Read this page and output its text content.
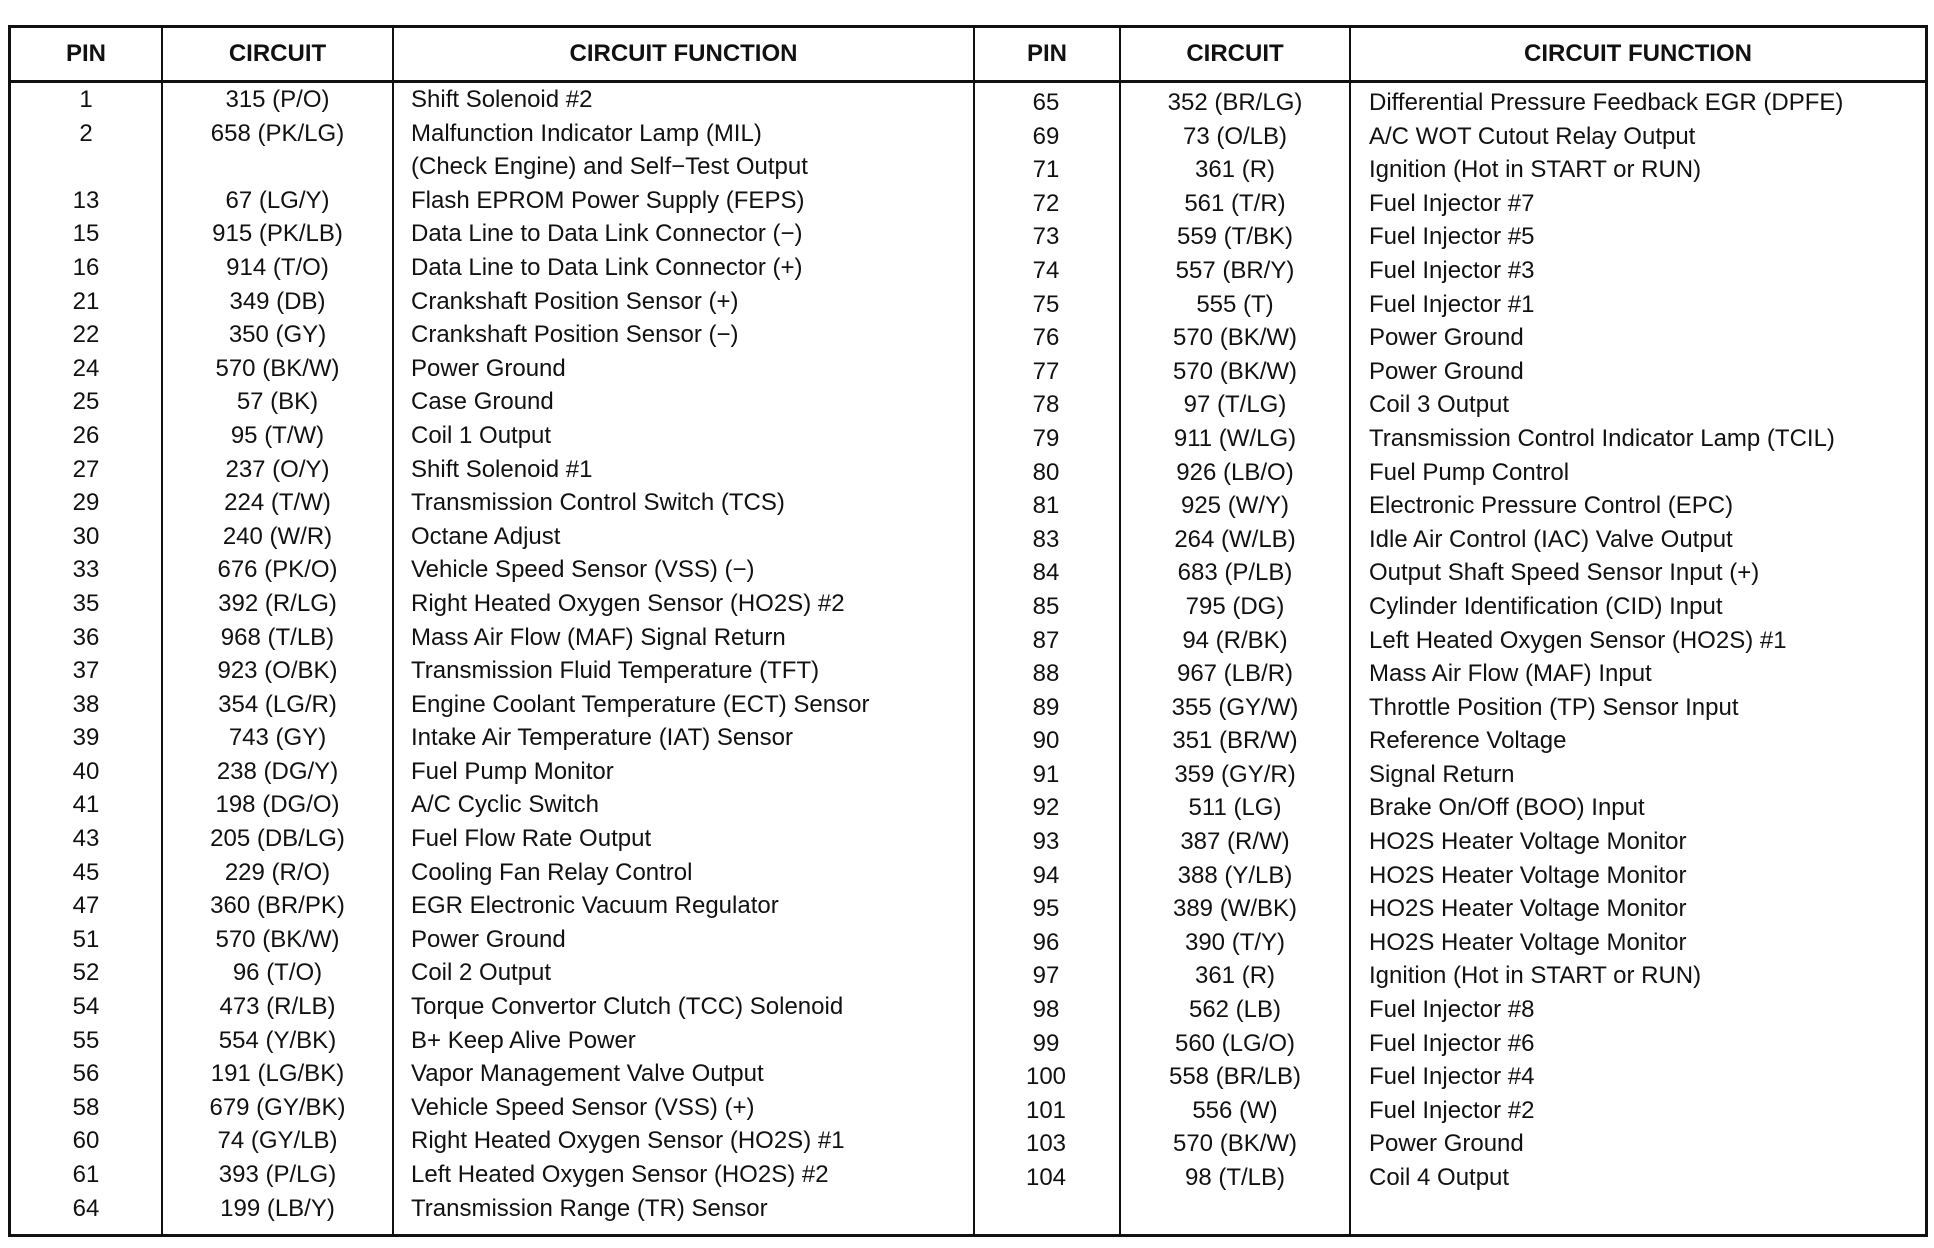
PIN	CIRCUIT	CIRCUIT FUNCTION	PIN	CIRCUIT	CIRCUIT FUNCTION
1	315 (P/O)	Shift Solenoid #2
2	658 (PK/LG)	Malfunction Indicator Lamp (MIL)
(Check Engine) and Self−Test Output
13	67 (LG/Y)	Flash EPROM Power Supply (FEPS)
15	915 (PK/LB)	Data Line to Data Link Connector (−)
16	914 (T/O)	Data Line to Data Link Connector (+)
21	349 (DB)	Crankshaft Position Sensor (+)
22	350 (GY)	Crankshaft Position Sensor (−)
24	570 (BK/W)	Power Ground
25	57 (BK)	Case Ground
26	95 (T/W)	Coil 1 Output
27	237 (O/Y)	Shift Solenoid #1
29	224 (T/W)	Transmission Control Switch (TCS)
30	240 (W/R)	Octane Adjust
33	676 (PK/O)	Vehicle Speed Sensor (VSS) (−)
35	392 (R/LG)	Right Heated Oxygen Sensor (HO2S) #2
36	968 (T/LB)	Mass Air Flow (MAF) Signal Return
37	923 (O/BK)	Transmission Fluid Temperature (TFT)
38	354 (LG/R)	Engine Coolant Temperature (ECT) Sensor
39	743 (GY)	Intake Air Temperature (IAT) Sensor
40	238 (DG/Y)	Fuel Pump Monitor
41	198 (DG/O)	A/C Cyclic Switch
43	205 (DB/LG)	Fuel Flow Rate Output
45	229 (R/O)	Cooling Fan Relay Control
47	360 (BR/PK)	EGR Electronic Vacuum Regulator
51	570 (BK/W)	Power Ground
52	96 (T/O)	Coil 2 Output
54	473 (R/LB)	Torque Convertor Clutch (TCC) Solenoid
55	554 (Y/BK)	B+ Keep Alive Power
56	191 (LG/BK)	Vapor Management Valve Output
58	679 (GY/BK)	Vehicle Speed Sensor (VSS) (+)
60	74 (GY/LB)	Right Heated Oxygen Sensor (HO2S) #1
61	393 (P/LG)	Left Heated Oxygen Sensor (HO2S) #2
64	199 (LB/Y)	Transmission Range (TR) Sensor
65	352 (BR/LG)	Differential Pressure Feedback EGR (DPFE)
69	73 (O/LB)	A/C WOT Cutout Relay Output
71	361 (R)	Ignition (Hot in START or RUN)
72	561 (T/R)	Fuel Injector #7
73	559 (T/BK)	Fuel Injector #5
74	557 (BR/Y)	Fuel Injector #3
75	555 (T)	Fuel Injector #1
76	570 (BK/W)	Power Ground
77	570 (BK/W)	Power Ground
78	97 (T/LG)	Coil 3 Output
79	911 (W/LG)	Transmission Control Indicator Lamp (TCIL)
80	926 (LB/O)	Fuel Pump Control
81	925 (W/Y)	Electronic Pressure Control (EPC)
83	264 (W/LB)	Idle Air Control (IAC) Valve Output
84	683 (P/LB)	Output Shaft Speed Sensor Input (+)
85	795 (DG)	Cylinder Identification (CID) Input
87	94 (R/BK)	Left Heated Oxygen Sensor (HO2S) #1
88	967 (LB/R)	Mass Air Flow (MAF) Input
89	355 (GY/W)	Throttle Position (TP) Sensor Input
90	351 (BR/W)	Reference Voltage
91	359 (GY/R)	Signal Return
92	511 (LG)	Brake On/Off (BOO) Input
93	387 (R/W)	HO2S Heater Voltage Monitor
94	388 (Y/LB)	HO2S Heater Voltage Monitor
95	389 (W/BK)	HO2S Heater Voltage Monitor
96	390 (T/Y)	HO2S Heater Voltage Monitor
97	361 (R)	Ignition (Hot in START or RUN)
98	562 (LB)	Fuel Injector #8
99	560 (LG/O)	Fuel Injector #6
100	558 (BR/LB)	Fuel Injector #4
101	556 (W)	Fuel Injector #2
103	570 (BK/W)	Power Ground
104	98 (T/LB)	Coil 4 Output
